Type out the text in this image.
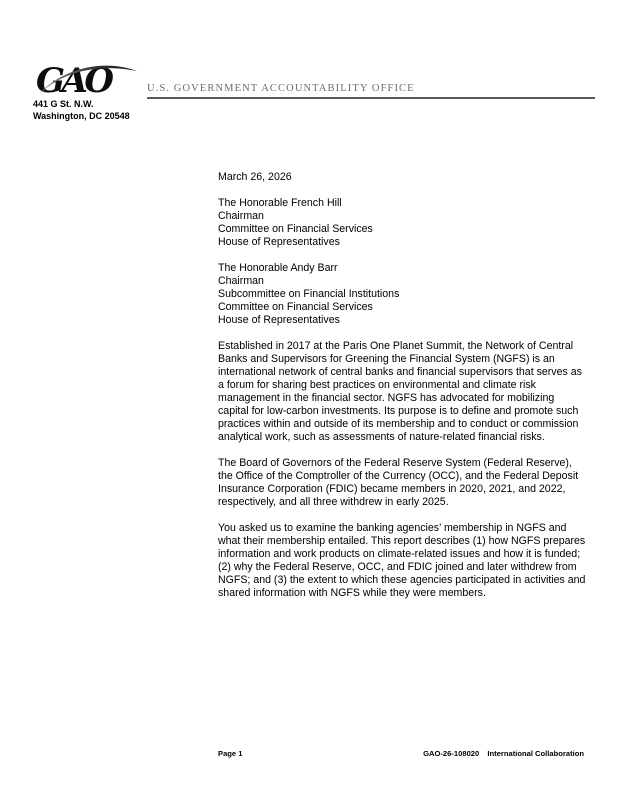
GAO	U.S. GOVERNMENT ACCOUNTABILITY OFFICE
441 G St. N.W.
Washington, DC 20548

March 26, 2026

The Honorable French Hill

Chairman

Committee on Financial Services

House of Representatives

The Honorable Andy Barr

Chairman

Subcommittee on Financial Institutions

Committee on Financial Services

House of Representatives

Established in 2017 at the Paris One Planet Summit, the Network of Central Banks and Supervisors for Greening the Financial System (NGFS) is an international network of central banks and financial supervisors that serves as a forum for sharing best practices on environmental and climate risk management in the financial sector. NGFS has advocated for mobilizing capital for low-carbon investments. Its purpose is to define and promote such practices within and outside of its membership and to conduct or commission analytical work, such as assessments of nature-related financial risks.

The Board of Governors of the Federal Reserve System (Federal Reserve), the Office of the Comptroller of the Currency (OCC), and the Federal Deposit Insurance Corporation (FDIC) became members in 2020, 2021, and 2022, respectively, and all three withdrew in early 2025.

You asked us to examine the banking agencies’ membership in NGFS and what their membership entailed. This report describes (1) how NGFS prepares information and work products on climate-related issues and how it is funded; (2) why the Federal Reserve, OCC, and FDIC joined and later withdrew from NGFS; and (3) the extent to which these agencies participated in activities and shared information with NGFS while they were members.

Page 1	GAO-26-108020 International Collaboration
